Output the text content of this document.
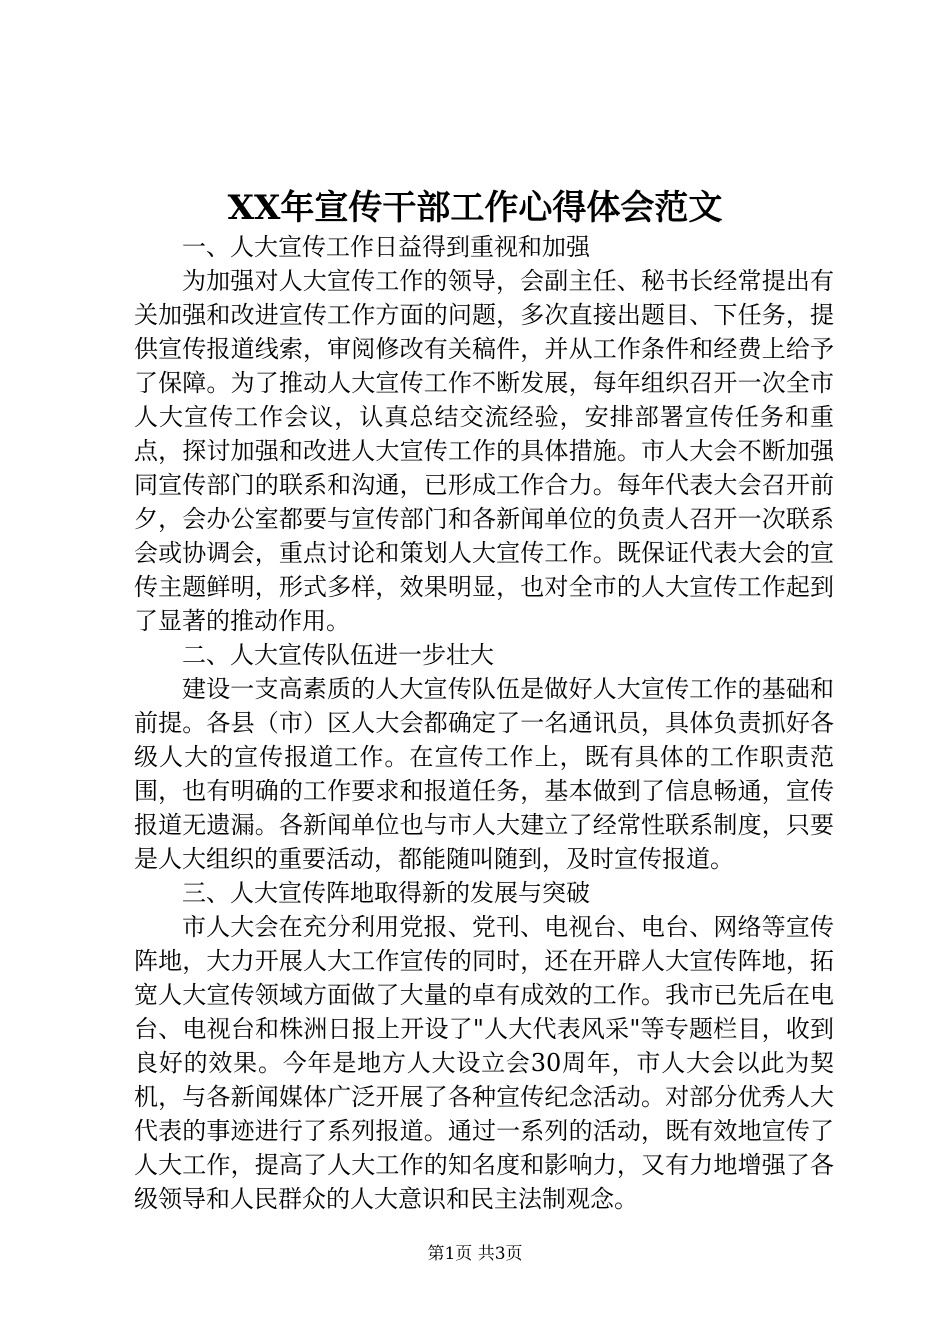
XX年宣传干部工作心得体会范文

一、人大宣传工作日益得到重视和加强

为加强对人大宣传工作的领导，会副主任、秘书长经常提出有关加强和改进宣传工作方面的问题，多次直接出题目、下任务，提供宣传报道线索，审阅修改有关稿件，并从工作条件和经费上给予了保障。为了推动人大宣传工作不断发展，每年组织召开一次全市人大宣传工作会议，认真总结交流经验，安排部署宣传任务和重点，探讨加强和改进人大宣传工作的具体措施。市人大会不断加强同宣传部门的联系和沟通，已形成工作合力。每年代表大会召开前夕，会办公室都要与宣传部门和各新闻单位的负责人召开一次联系会或协调会，重点讨论和策划人大宣传工作。既保证代表大会的宣传主题鲜明，形式多样，效果明显，也对全市的人大宣传工作起到了显著的推动作用。

二、人大宣传队伍进一步壮大

建设一支高素质的人大宣传队伍是做好人大宣传工作的基础和前提。各县（市）区人大会都确定了一名通讯员，具体负责抓好各级人大的宣传报道工作。在宣传工作上，既有具体的工作职责范围，也有明确的工作要求和报道任务，基本做到了信息畅通，宣传报道无遗漏。各新闻单位也与市人大建立了经常性联系制度，只要是人大组织的重要活动，都能随叫随到，及时宣传报道。

三、人大宣传阵地取得新的发展与突破

市人大会在充分利用党报、党刊、电视台、电台、网络等宣传阵地，大力开展人大工作宣传的同时，还在开辟人大宣传阵地，拓宽人大宣传领域方面做了大量的卓有成效的工作。我市已先后在电台、电视台和株洲日报上开设了"人大代表风采"等专题栏目，收到良好的效果。今年是地方人大设立会30周年，市人大会以此为契机，与各新闻媒体广泛开展了各种宣传纪念活动。对部分优秀人大代表的事迹进行了系列报道。通过一系列的活动，既有效地宣传了人大工作，提高了人大工作的知名度和影响力，又有力地增强了各级领导和人民群众的人大意识和民主法制观念。

第1页 共3页
